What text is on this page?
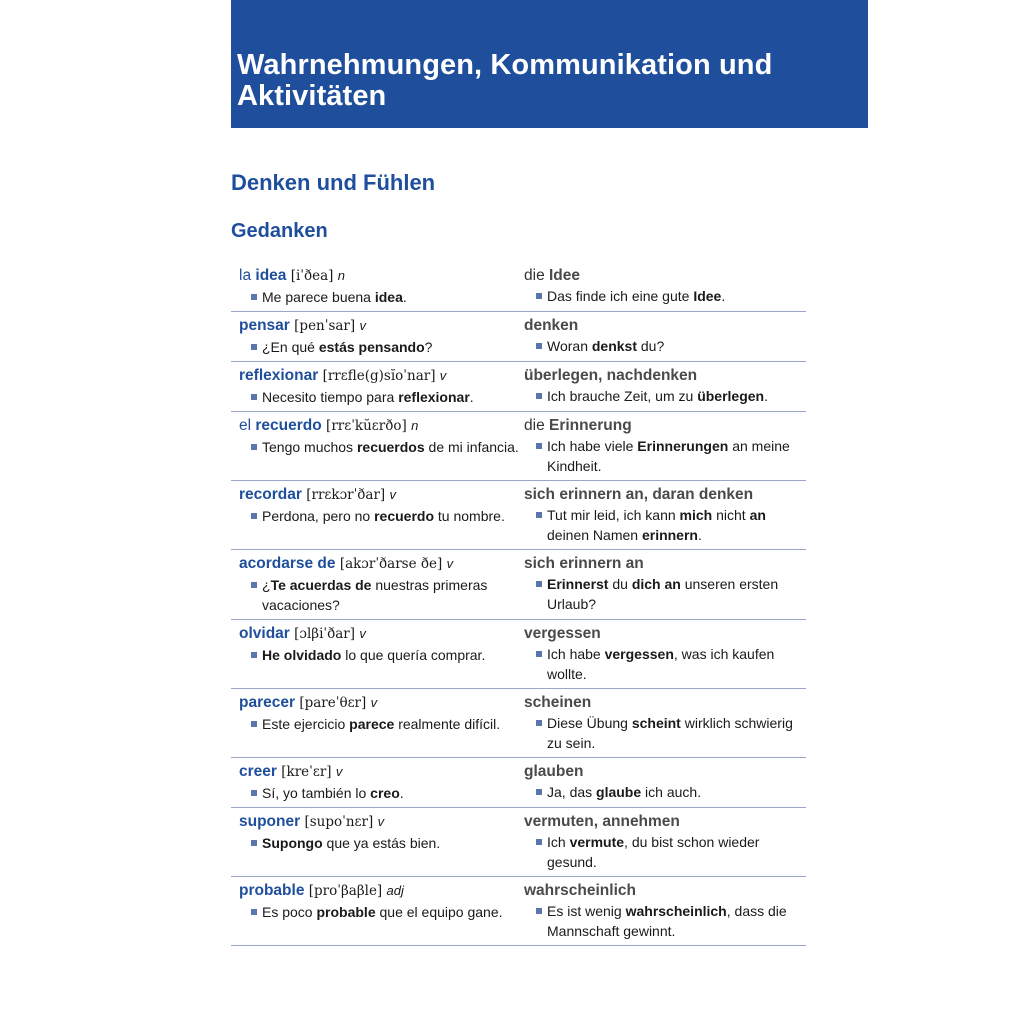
Wahrnehmungen, Kommunikation und Aktivitäten
Denken und Fühlen
Gedanken
la idea [iˈðea] n
Me parece buena idea.
die Idee
Das finde ich eine gute Idee.
pensar [penˈsar] v
¿En qué estás pensando?
denken
Woran denkst du?
reflexionar [rrɛfle(g)sĭoˈnar] v
Necesito tiempo para reflexionar.
überlegen, nachdenken
Ich brauche Zeit, um zu überlegen.
el recuerdo [rrɛˈkŭɛrðo] n
Tengo muchos recuerdos de mi infancia.
die Erinnerung
Ich habe viele Erinnerungen an meine Kindheit.
recordar [rrɛkɔrˈðar] v
Perdona, pero no recuerdo tu nombre.
sich erinnern an, daran denken
Tut mir leid, ich kann mich nicht an deinen Namen erinnern.
acordarse de [akɔrˈðarse ðe] v
¿Te acuerdas de nuestras primeras vacaciones?
sich erinnern an
Erinnerst du dich an unseren ersten Urlaub?
olvidar [ɔlβiˈðar] v
He olvidado lo que quería comprar.
vergessen
Ich habe vergessen, was ich kaufen wollte.
parecer [pareˈθɛr] v
Este ejercicio parece realmente difícil.
scheinen
Diese Übung scheint wirklich schwierig zu sein.
creer [kreˈɛr] v
Sí, yo también lo creo.
glauben
Ja, das glaube ich auch.
suponer [supoˈnɛr] v
Supongo que ya estás bien.
vermuten, annehmen
Ich vermute, du bist schon wieder gesund.
probable [proˈβaβle] adj
Es poco probable que el equipo gane.
wahrscheinlich
Es ist wenig wahrscheinlich, dass die Mannschaft gewinnt.
